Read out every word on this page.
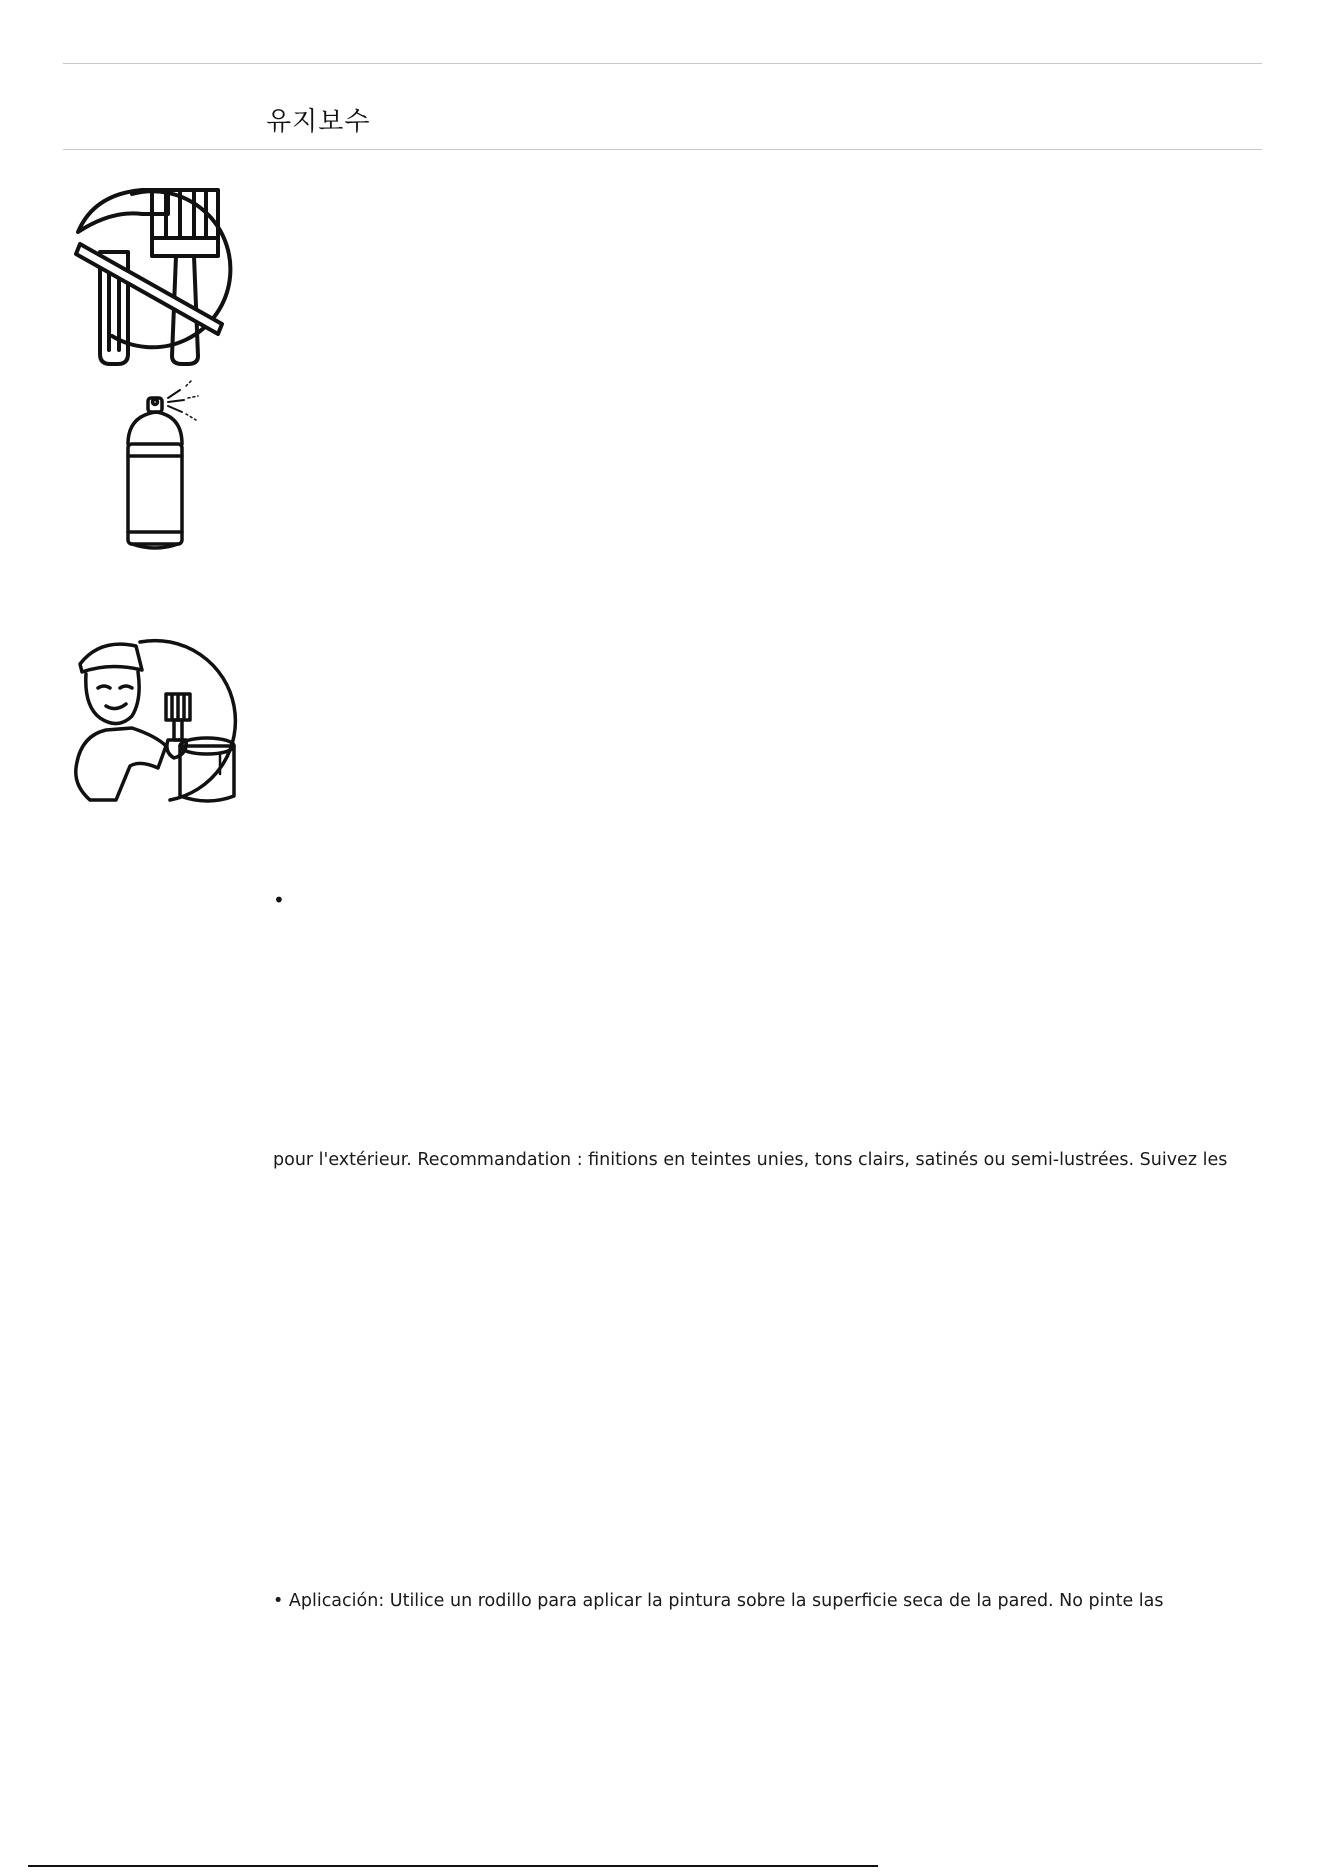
유지보수
•
pour l'extérieur. Recommandation : finitions en teintes unies, tons clairs, satinés ou semi-lustrées. Suivez les
• Aplicación: Utilice un rodillo para aplicar la pintura sobre la superficie seca de la pared. No pinte las
